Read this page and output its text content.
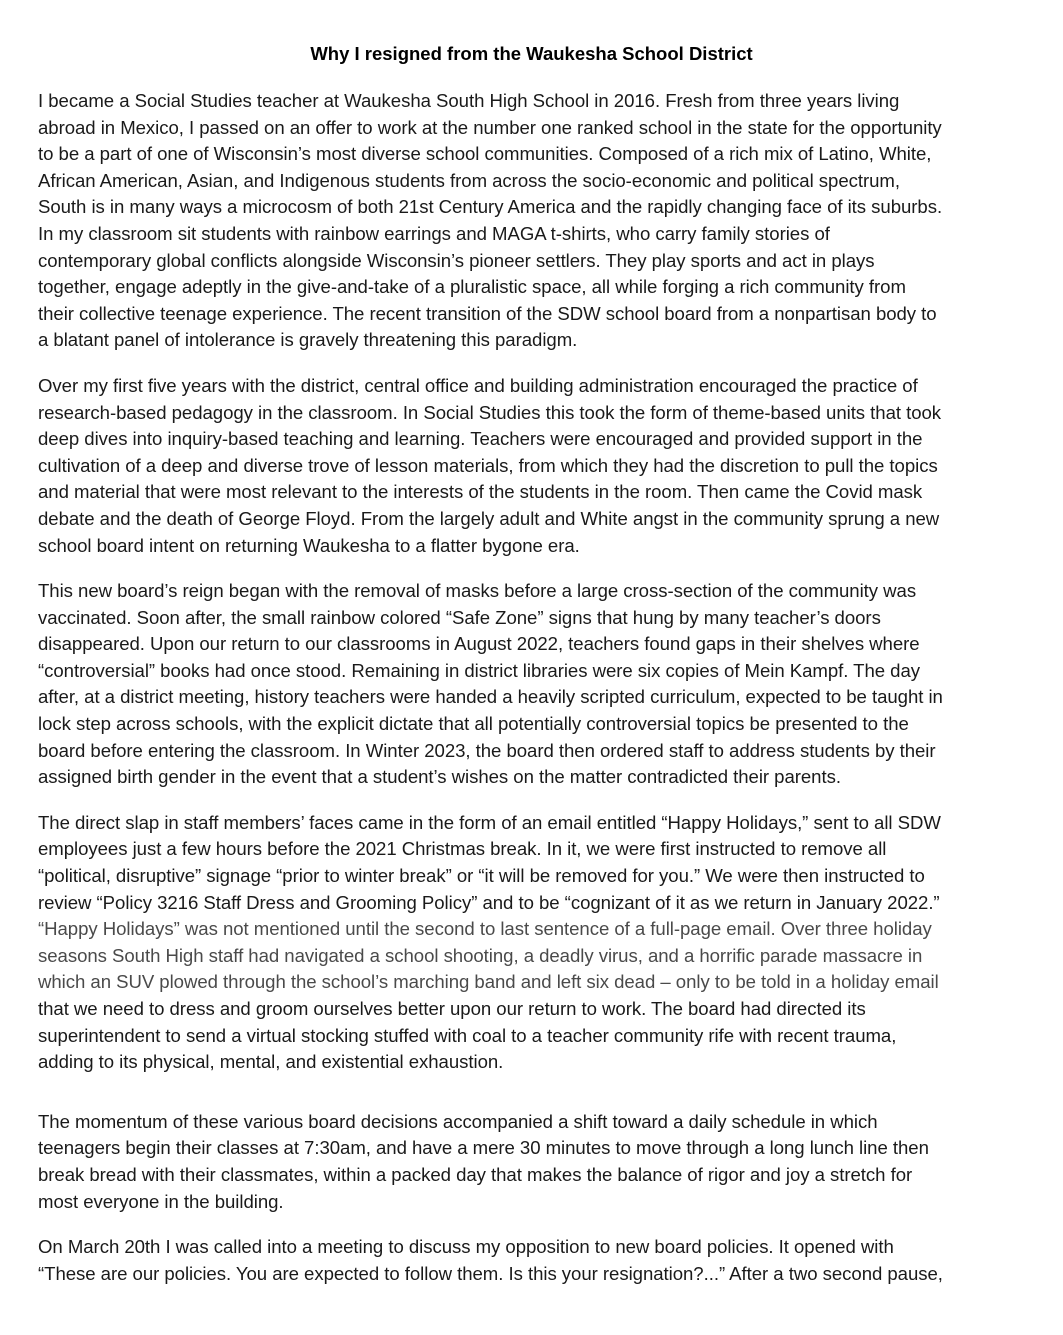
Why I resigned from the Waukesha School District

I became a Social Studies teacher at Waukesha South High School in 2016. Fresh from three years living
abroad in Mexico, I passed on an offer to work at the number one ranked school in the state for the opportunity
to be a part of one of Wisconsin’s most diverse school communities. Composed of a rich mix of Latino, White,
African American, Asian, and Indigenous students from across the socio-economic and political spectrum,
South is in many ways a microcosm of both 21st Century America and the rapidly changing face of its suburbs.
In my classroom sit students with rainbow earrings and MAGA t-shirts, who carry family stories of
contemporary global conflicts alongside Wisconsin’s pioneer settlers. They play sports and act in plays
together, engage adeptly in the give-and-take of a pluralistic space, all while forging a rich community from
their collective teenage experience. The recent transition of the SDW school board from a nonpartisan body to
a blatant panel of intolerance is gravely threatening this paradigm.

Over my first five years with the district, central office and building administration encouraged the practice of
research-based pedagogy in the classroom. In Social Studies this took the form of theme-based units that took
deep dives into inquiry-based teaching and learning. Teachers were encouraged and provided support in the
cultivation of a deep and diverse trove of lesson materials, from which they had the discretion to pull the topics
and material that were most relevant to the interests of the students in the room. Then came the Covid mask
debate and the death of George Floyd. From the largely adult and White angst in the community sprung a new
school board intent on returning Waukesha to a flatter bygone era.

This new board’s reign began with the removal of masks before a large cross-section of the community was
vaccinated. Soon after, the small rainbow colored “Safe Zone” signs that hung by many teacher’s doors
disappeared. Upon our return to our classrooms in August 2022, teachers found gaps in their shelves where
“controversial” books had once stood. Remaining in district libraries were six copies of Mein Kampf. The day
after, at a district meeting, history teachers were handed a heavily scripted curriculum, expected to be taught in
lock step across schools, with the explicit dictate that all potentially controversial topics be presented to the
board before entering the classroom. In Winter 2023, the board then ordered staff to address students by their
assigned birth gender in the event that a student’s wishes on the matter contradicted their parents.

The direct slap in staff members’ faces came in the form of an email entitled “Happy Holidays,” sent to all SDW
employees just a few hours before the 2021 Christmas break. In it, we were first instructed to remove all
“political, disruptive” signage “prior to winter break” or “it will be removed for you.” We were then instructed to
review “Policy 3216 Staff Dress and Grooming Policy” and to be “cognizant of it as we return in January 2022.”
“Happy Holidays” was not mentioned until the second to last sentence of a full-page email. Over three holiday
seasons South High staff had navigated a school shooting, a deadly virus, and a horrific parade massacre in
which an SUV plowed through the school’s marching band and left six dead – only to be told in a holiday email
that we need to dress and groom ourselves better upon our return to work. The board had directed its
superintendent to send a virtual stocking stuffed with coal to a teacher community rife with recent trauma,
adding to its physical, mental, and existential exhaustion.

The momentum of these various board decisions accompanied a shift toward a daily schedule in which
teenagers begin their classes at 7:30am, and have a mere 30 minutes to move through a long lunch line then
break bread with their classmates, within a packed day that makes the balance of rigor and joy a stretch for
most everyone in the building.

On March 20th I was called into a meeting to discuss my opposition to new board policies. It opened with
“These are our policies. You are expected to follow them. Is this your resignation?...” After a two second pause,
